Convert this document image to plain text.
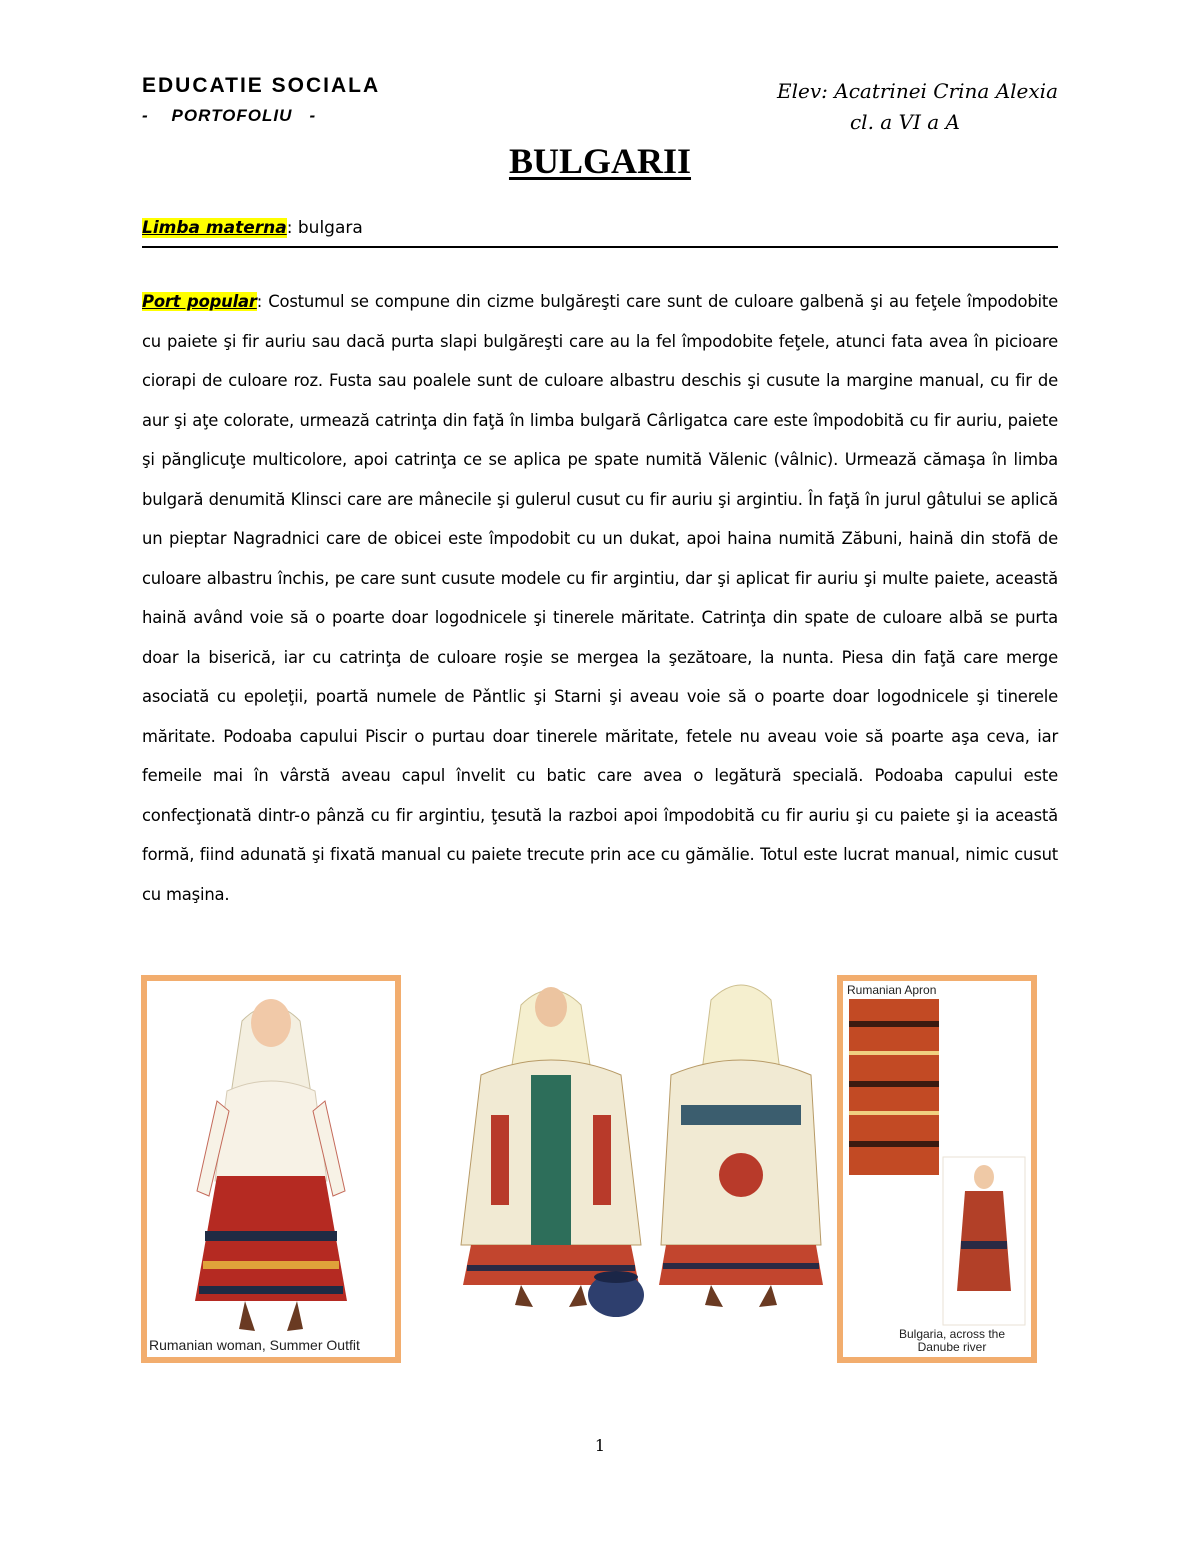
EDUCATIE SOCIALA
-    PORTOFOLIU   -
Elev: Acatrinei Crina Alexia
cl. a VI a A
BULGARII
Limba materna: bulgara
Port popular: Costumul se compune din cizme bulgăreşti care sunt de culoare galbenă şi au feţele împodobite cu paiete şi fir auriu sau dacă purta slapi bulgăreşti care au la fel împodobite feţele, atunci fata avea în picioare ciorapi de culoare roz. Fusta sau poalele sunt de culoare albastru deschis şi cusute la margine manual, cu fir de aur şi aţe colorate, urmează catrinţa din faţă în limba bulgară Cârligatca care este împodobită cu fir auriu, paiete şi pănglicuţe multicolore, apoi catrinţa ce se aplica pe spate numită Vălenic (vâlnic). Urmează cămaşa în limba bulgară denumită Klinsci care are mânecile şi gulerul cusut cu fir auriu şi argintiu. În faţă în jurul gâtului se aplică un pieptar Nagradnici care de obicei este împodobit cu un dukat, apoi haina numită Zăbuni, haină din stofă de culoare albastru închis, pe care sunt cusute modele cu fir argintiu, dar şi aplicat fir auriu şi multe paiete, această haină având voie să o poarte doar logodnicele şi tinerele măritate. Catrinţa din spate de culoare albă se purta doar la biserică, iar cu catrinţa de culoare roşie se mergea la şezătoare, la nunta. Piesa din faţă care merge asociată cu epoleţii, poartă numele de Pǎntlic şi Starni şi aveau voie să o poarte doar logodnicele şi tinerele măritate. Podoaba capului Piscir o purtau doar tinerele măritate, fetele nu aveau voie să poarte aşa ceva, iar femeile mai în vârstă aveau capul învelit cu batic care avea o legătură specială. Podoaba capului este confecţionată dintr-o pânză cu fir argintiu, ţesută la razboi apoi împodobită cu fir auriu şi cu paiete şi ia această formă, fiind adunată şi fixată manual cu paiete trecute prin ace cu gămălie. Totul este lucrat manual, nimic cusut cu maşina.
Rumanian woman, Summer Outfit
Rumanian Apron
Bulgaria, across the Danube river
1
